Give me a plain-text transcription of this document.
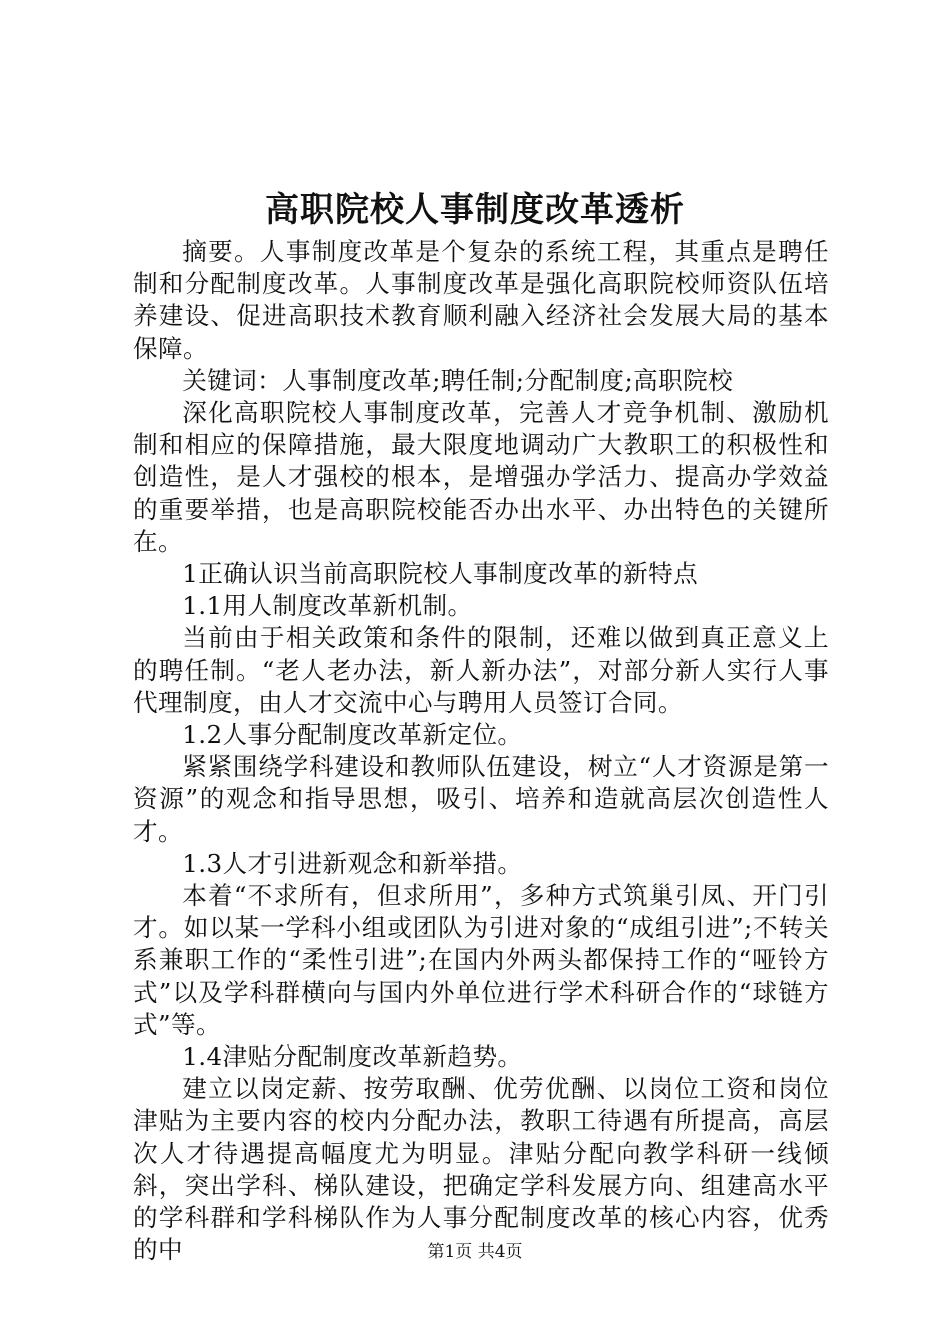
高职院校人事制度改革透析

摘要。人事制度改革是个复杂的系统工程，其重点是聘任制和分配制度改革。人事制度改革是强化高职院校师资队伍培养建设、促进高职技术教育顺利融入经济社会发展大局的基本保障。

关键词：人事制度改革;聘任制;分配制度;高职院校

深化高职院校人事制度改革，完善人才竞争机制、激励机制和相应的保障措施，最大限度地调动广大教职工的积极性和创造性，是人才强校的根本，是增强办学活力、提高办学效益的重要举措，也是高职院校能否办出水平、办出特色的关键所在。

1正确认识当前高职院校人事制度改革的新特点

1.1用人制度改革新机制。

当前由于相关政策和条件的限制，还难以做到真正意义上的聘任制。“老人老办法，新人新办法”，对部分新人实行人事代理制度，由人才交流中心与聘用人员签订合同。

1.2人事分配制度改革新定位。

紧紧围绕学科建设和教师队伍建设，树立“人才资源是第一资源”的观念和指导思想，吸引、培养和造就高层次创造性人才。

1.3人才引进新观念和新举措。

本着“不求所有，但求所用”，多种方式筑巢引凤、开门引才。如以某一学科小组或团队为引进对象的“成组引进”;不转关系兼职工作的“柔性引进”;在国内外两头都保持工作的“哑铃方式”以及学科群横向与国内外单位进行学术科研合作的“球链方式”等。

1.4津贴分配制度改革新趋势。

建立以岗定薪、按劳取酬、优劳优酬、以岗位工资和岗位津贴为主要内容的校内分配办法，教职工待遇有所提高，高层次人才待遇提高幅度尤为明显。津贴分配向教学科研一线倾斜，突出学科、梯队建设，把确定学科发展方向、组建高水平的学科群和学科梯队作为人事分配制度改革的核心内容，优秀的中	第1页 共4页
